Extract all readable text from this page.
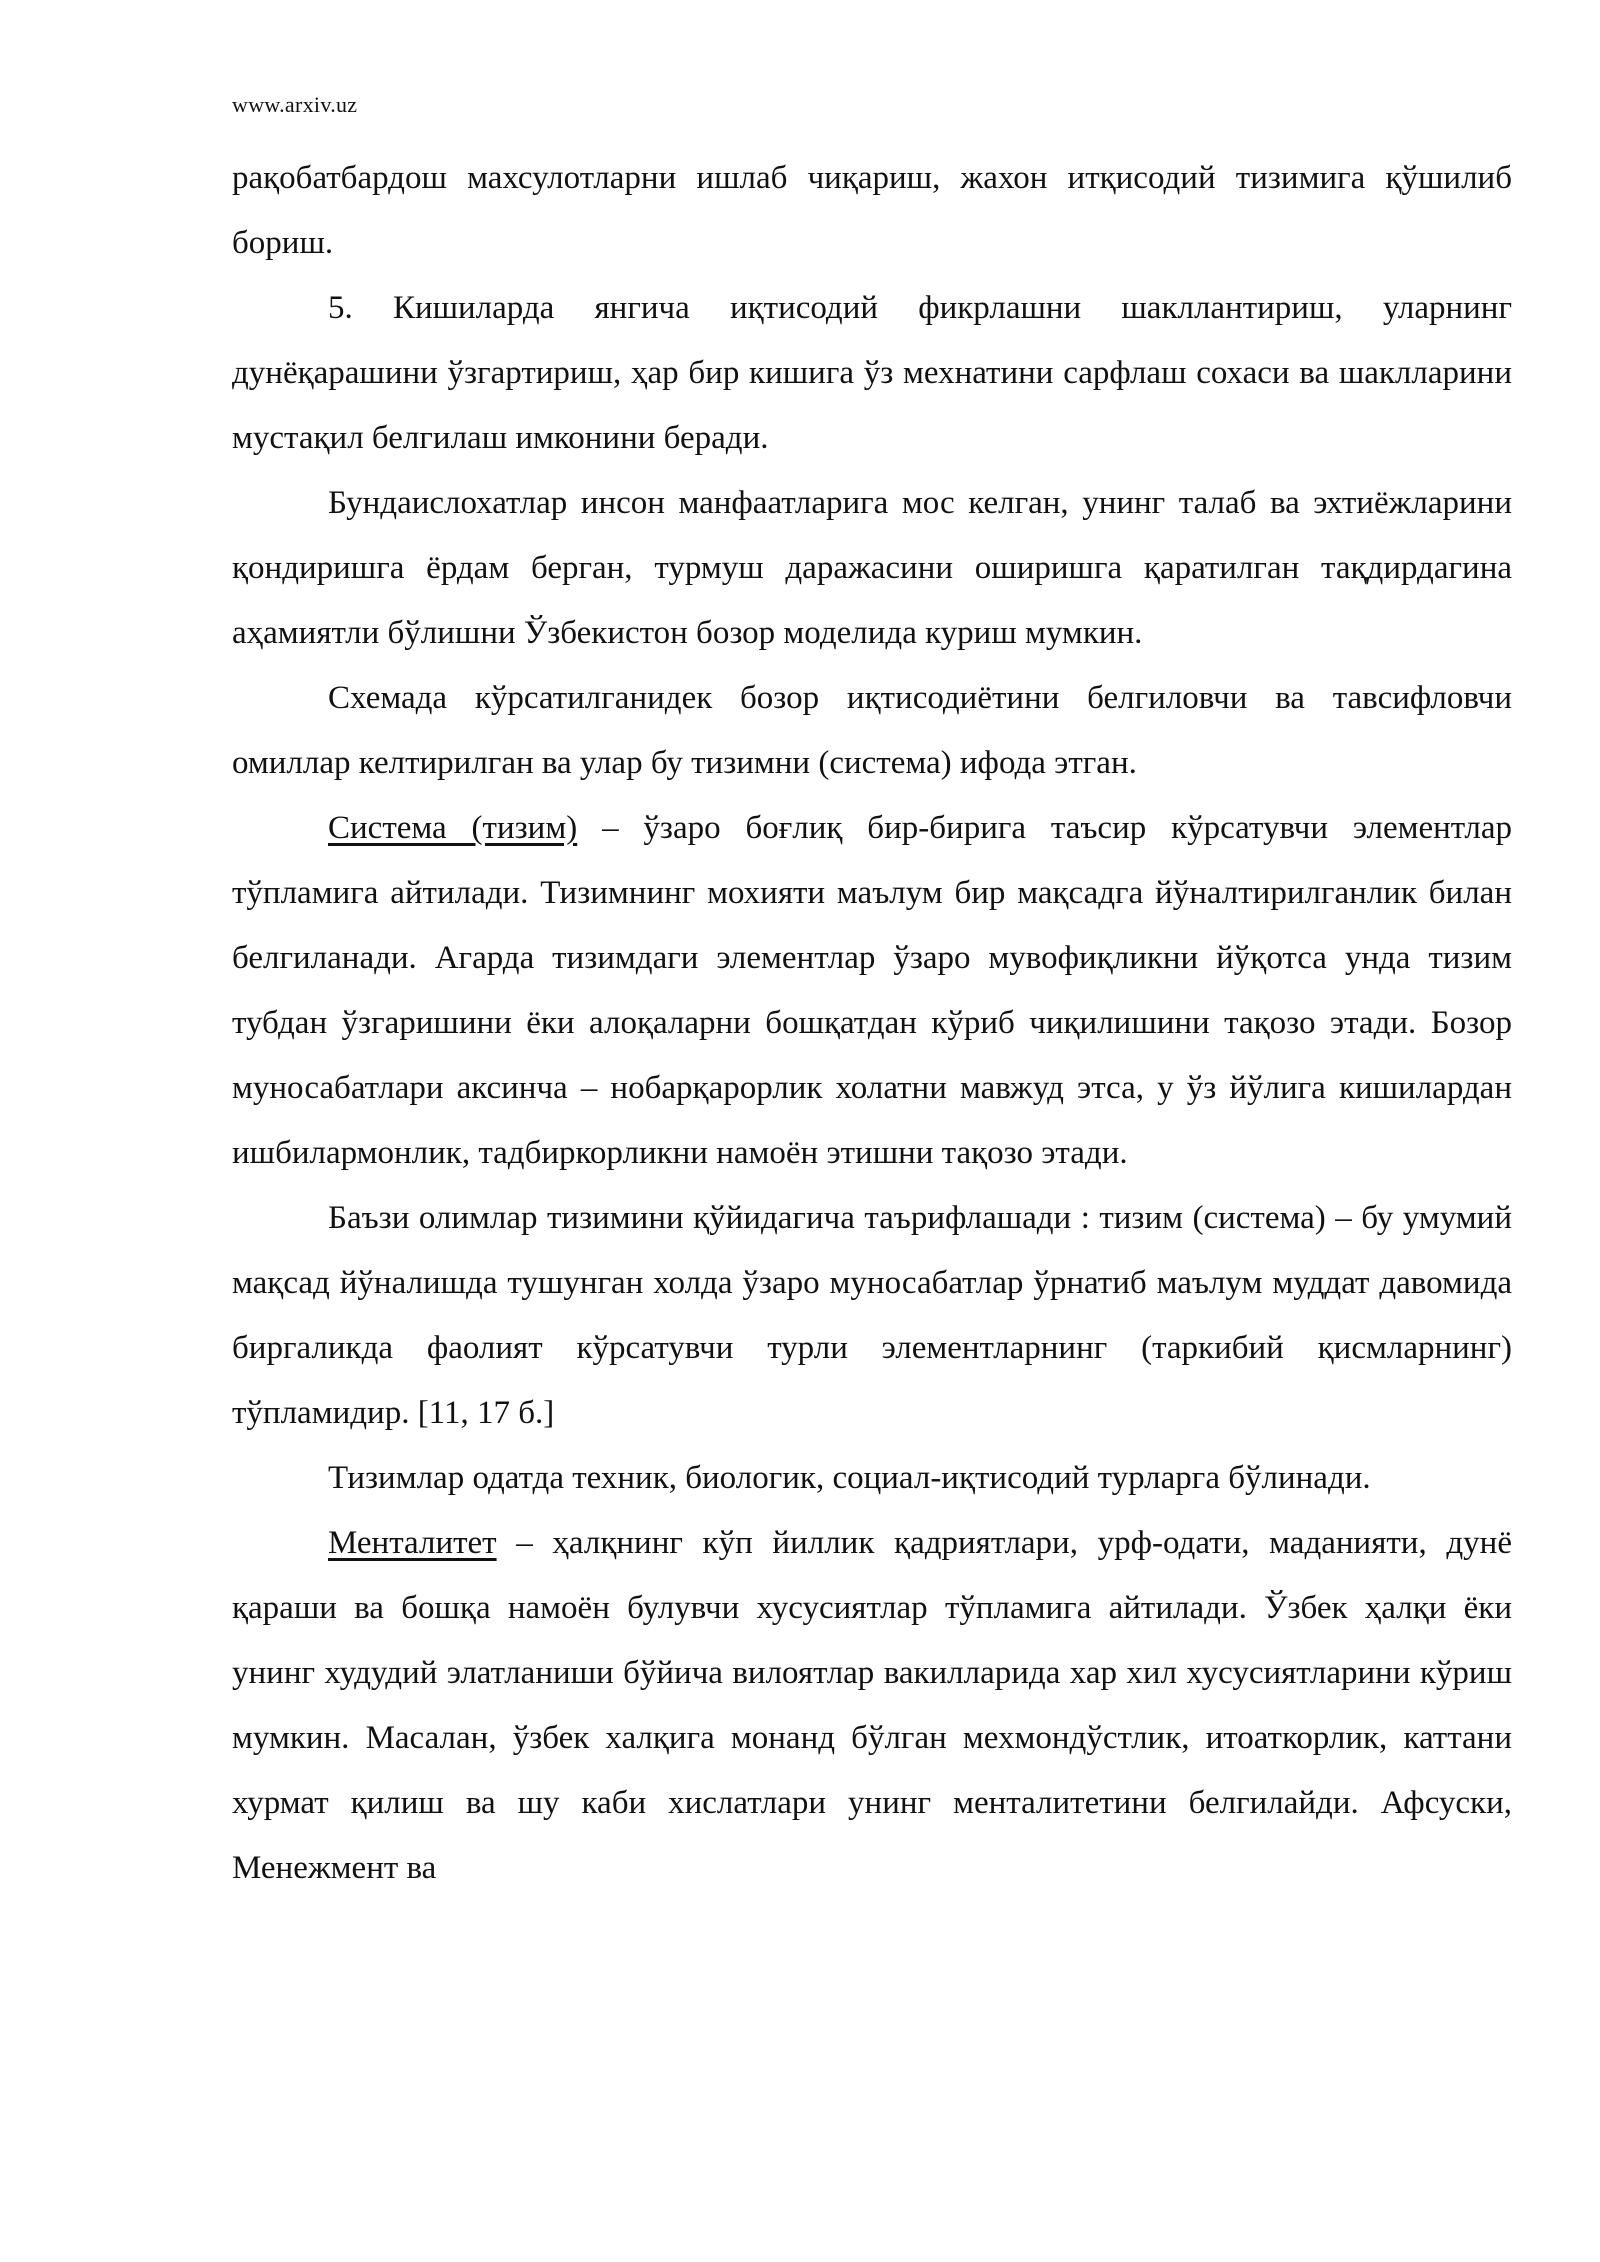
www.arxiv.uz

рақобатбардош махсулотларни ишлаб чиқариш, жахон итқисодий тизимига қўшилиб бориш.

5. Кишиларда янгича иқтисодий фикрлашни шакллантириш, уларнинг дунёқарашини ўзгартириш, ҳар бир кишига ўз мехнатини сарфлаш сохаси ва шаклларини мустақил белгилаш имконини беради.

Бундаислохатлар инсон манфаатларига мос келган, унинг талаб ва эхтиёжларини қондиришга ёрдам берган, турмуш даражасини оширишга қаратилган тақдирдагина аҳамиятли бўлишни Ўзбекистон бозор моделида куриш мумкин.

Схемада кўрсатилганидек бозор иқтисодиётини белгиловчи ва тавсифловчи омиллар келтирилган ва улар бу тизимни (система) ифода этган.

Система (тизим) – ўзаро боғлиқ бир-бирига таъсир кўрсатувчи элементлар тўпламига айтилади. Тизимнинг мохияти маълум бир мақсадга йўналтирилганлик билан белгиланади. Агарда тизимдаги элементлар ўзаро мувофиқликни йўқотса унда тизим тубдан ўзгаришини ёки алоқаларни бошқатдан кўриб чиқилишини тақозо этади. Бозор муносабатлари аксинча – нобарқарорлик холатни мавжуд этса, у ўз йўлига кишилардан ишбилармонлик, тадбиркорликни намоён этишни тақозо этади.

Баъзи олимлар тизимини қўйидагича таърифлашади : тизим (система) – бу умумий мақсад йўналишда тушунган холда ўзаро муносабатлар ўрнатиб маълум муддат давомида биргаликда фаолият кўрсатувчи турли элементларнинг (таркибий қисмларнинг) тўпламидир. [11, 17 б.]

Тизимлар одатда техник, биологик, социал-иқтисодий турларга бўлинади.

Менталитет – ҳалқнинг кўп йиллик қадриятлари, урф-одати, маданияти, дунё қараши ва бошқа намоён булувчи хусусиятлар тўпламига айтилади. Ўзбек ҳалқи ёки унинг худудий элатланиши бўйича вилоятлар вакилларида хар хил хусусиятларини кўриш мумкин. Масалан, ўзбек халқига монанд бўлган мехмондўстлик, итоаткорлик, каттани хурмат қилиш ва шу каби хислатлари унинг менталитетини белгилайди. Афсуски, Менежмент ва
